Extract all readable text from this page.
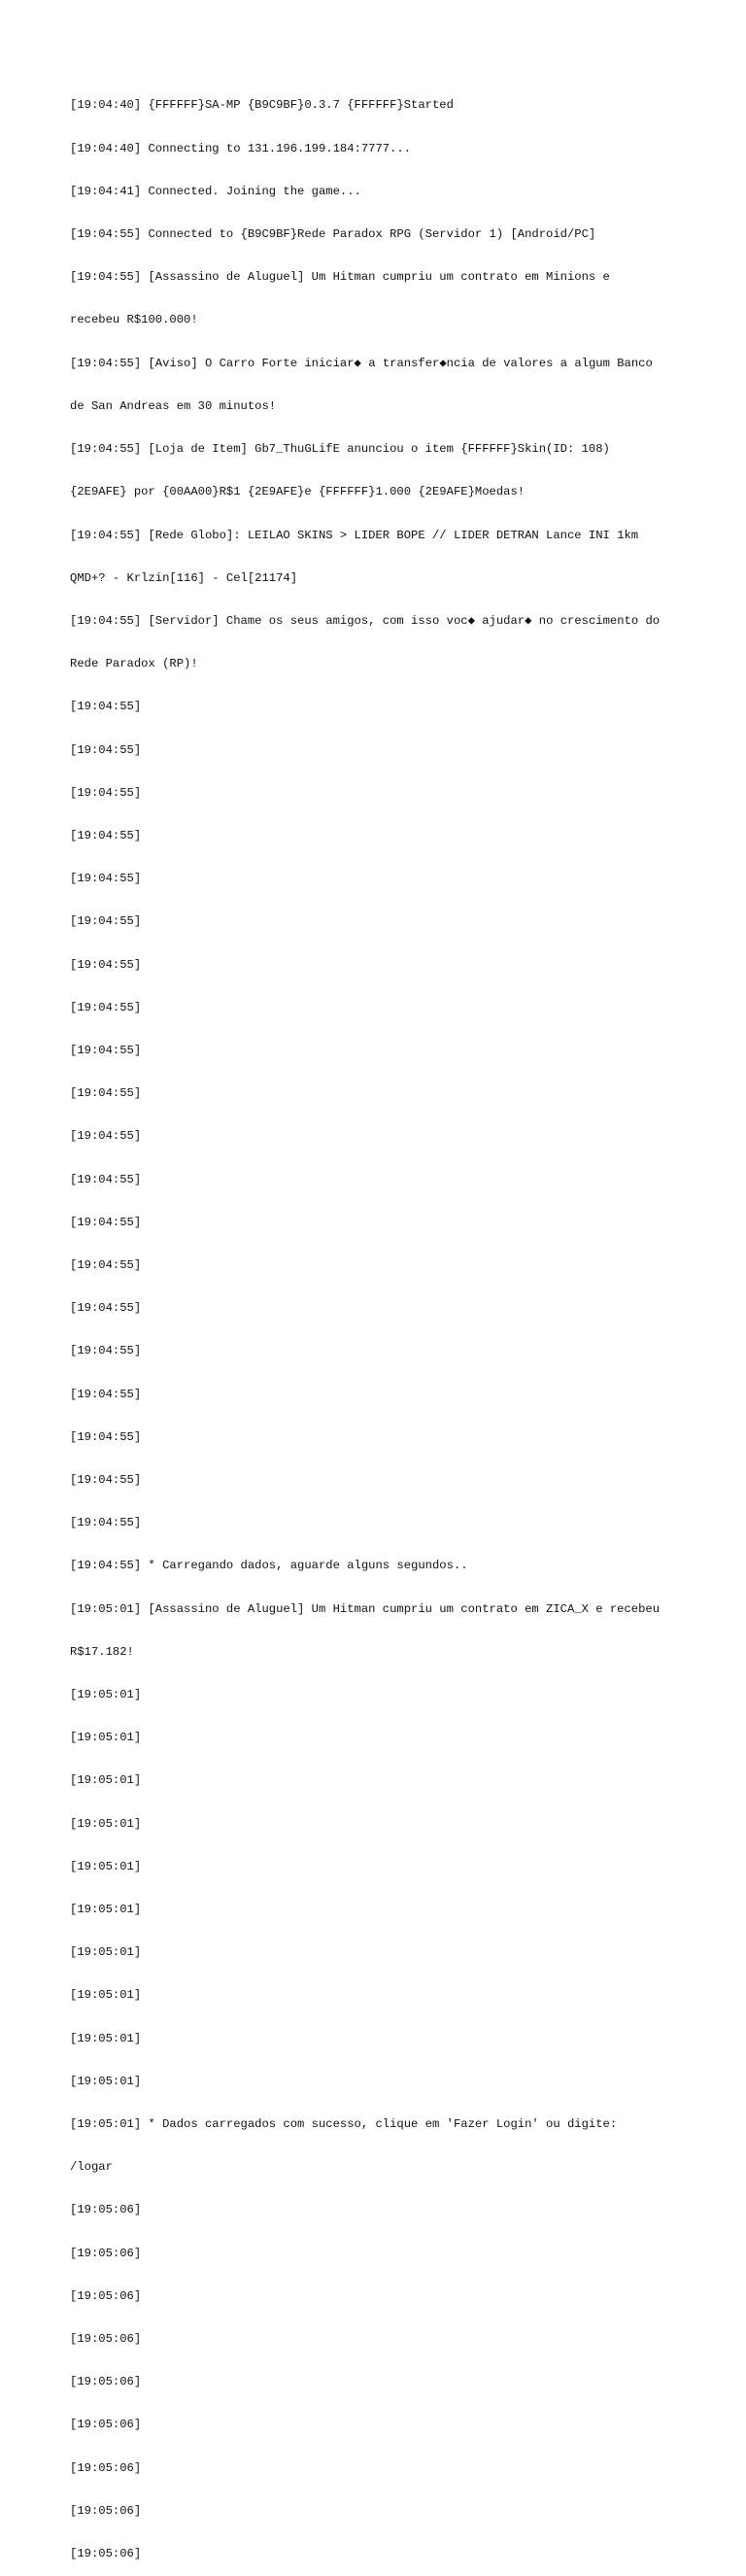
[19:04:40] {FFFFFF}SA-MP {B9C9BF}0.3.7 {FFFFFF}Started

[19:04:40] Connecting to 131.196.199.184:7777...

[19:04:41] Connected. Joining the game...

[19:04:55] Connected to {B9C9BF}Rede Paradox RPG (Servidor 1) [Android/PC]

[19:04:55] [Assassino de Aluguel] Um Hitman cumpriu um contrato em Minions e

recebeu R$100.000!

[19:04:55] [Aviso] O Carro Forte iniciar◆ a transfer◆ncia de valores a algum Banco

de San Andreas em 30 minutos!

[19:04:55] [Loja de Item] Gb7_ThuGLifE anunciou o item {FFFFFF}Skin(ID: 108)

{2E9AFE} por {00AA00}R$1 {2E9AFE}e {FFFFFF}1.000 {2E9AFE}Moedas!

[19:04:55] [Rede Globo]: LEILAO SKINS > LIDER BOPE // LIDER DETRAN Lance INI 1km

QMD+? - Krlzin[116] - Cel[21174]

[19:04:55] [Servidor] Chame os seus amigos, com isso voc◆ ajudar◆ no crescimento do

Rede Paradox (RP)!

[19:04:55]

[19:04:55]

[19:04:55]

[19:04:55]

[19:04:55]

[19:04:55]

[19:04:55]

[19:04:55]

[19:04:55]

[19:04:55]

[19:04:55]

[19:04:55]

[19:04:55]

[19:04:55]

[19:04:55]

[19:04:55]

[19:04:55]

[19:04:55]

[19:04:55]

[19:04:55]

[19:04:55] * Carregando dados, aguarde alguns segundos..

[19:05:01] [Assassino de Aluguel] Um Hitman cumpriu um contrato em ZICA_X e recebeu

R$17.182!

[19:05:01]

[19:05:01]

[19:05:01]

[19:05:01]

[19:05:01]

[19:05:01]

[19:05:01]

[19:05:01]

[19:05:01]

[19:05:01]

[19:05:01] * Dados carregados com sucesso, clique em 'Fazer Login' ou digite:

/logar

[19:05:06]

[19:05:06]

[19:05:06]

[19:05:06]

[19:05:06]

[19:05:06]

[19:05:06]

[19:05:06]

[19:05:06]
